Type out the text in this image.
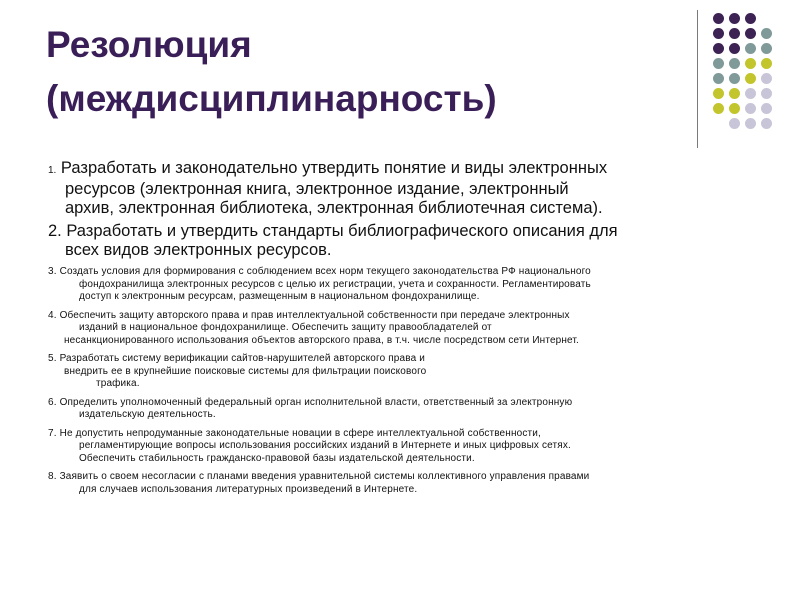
Резолюция
(междисциплинарность)
1. Разработать и законодательно утвердить понятие и виды электронных
ресурсов (электронная книга, электронное издание, электронный
архив, электронная библиотека, электронная библиотечная система).
2. Разработать и утвердить стандарты библиографического описания для
всех видов электронных ресурсов.
3. Создать условия для формирования с соблюдением всех норм текущего законодательства РФ национального
фондохранилища электронных ресурсов с целью их регистрации, учета и сохранности. Регламентировать
доступ к электронным ресурсам, размещенным в национальном фондохранилище.
4. Обеспечить защиту авторского права и прав интеллектуальной собственности при передаче электронных
изданий в национальное фондохранилище. Обеспечить защиту правообладателей от
несанкционированного использования объектов авторского права, в т.ч. числе посредством сети Интернет.
5. Разработать систему верификации сайтов-нарушителей авторского права и
внедрить ее в крупнейшие поисковые системы для фильтрации поискового
трафика.
6. Определить уполномоченный федеральный орган исполнительной власти, ответственный за электронную
издательскую деятельность.
7. Не допустить непродуманные законодательные новации в сфере интеллектуальной собственности,
регламентирующие вопросы использования российских изданий в Интернете и иных цифровых сетях.
Обеспечить стабильность гражданско-правовой базы издательской деятельности.
8. Заявить о своем несогласии с планами введения уравнительной системы коллективного управления правами
для случаев использования литературных произведений в Интернете.
